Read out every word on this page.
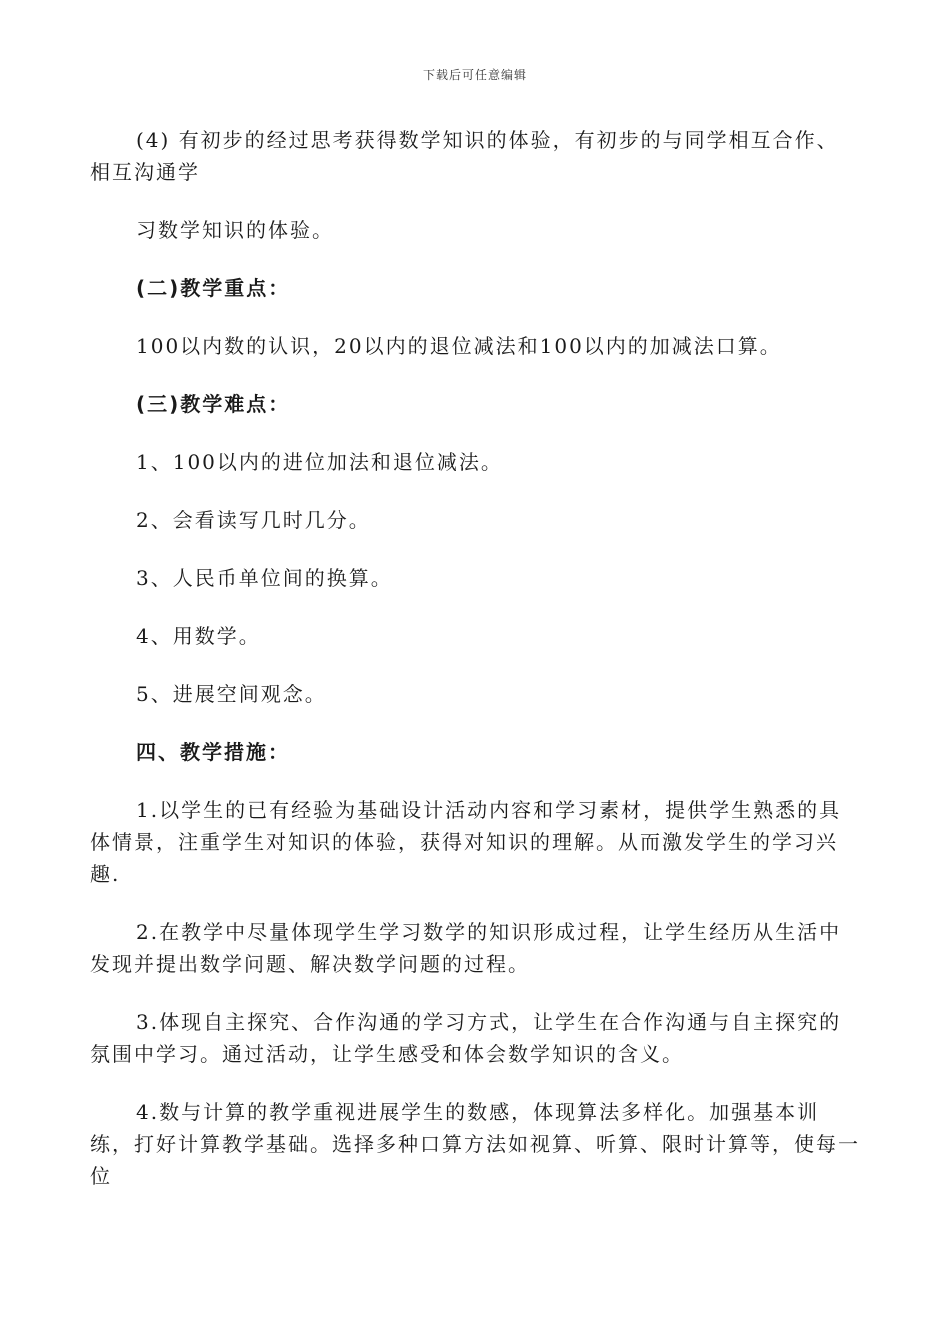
下载后可任意编辑

(4) 有初步的经过思考获得数学知识的体验，有初步的与同学相互合作、相互沟通学

习数学知识的体验。

(二)教学重点：

100以内数的认识，20以内的退位减法和100以内的加减法口算。

(三)教学难点：

1、100以内的进位加法和退位减法。

2、会看读写几时几分。

3、人民币单位间的换算。

4、用数学。

5、进展空间观念。

四、教学措施：

1.以学生的已有经验为基础设计活动内容和学习素材，提供学生熟悉的具体情景，注重学生对知识的体验，获得对知识的理解。从而激发学生的学习兴趣.

2.在教学中尽量体现学生学习数学的知识形成过程，让学生经历从生活中发现并提出数学问题、解决数学问题的过程。

3.体现自主探究、合作沟通的学习方式，让学生在合作沟通与自主探究的氛围中学习。通过活动，让学生感受和体会数学知识的含义。

4.数与计算的教学重视进展学生的数感，体现算法多样化。加强基本训练，打好计算教学基础。选择多种口算方法如视算、听算、限时计算等，使每一位
